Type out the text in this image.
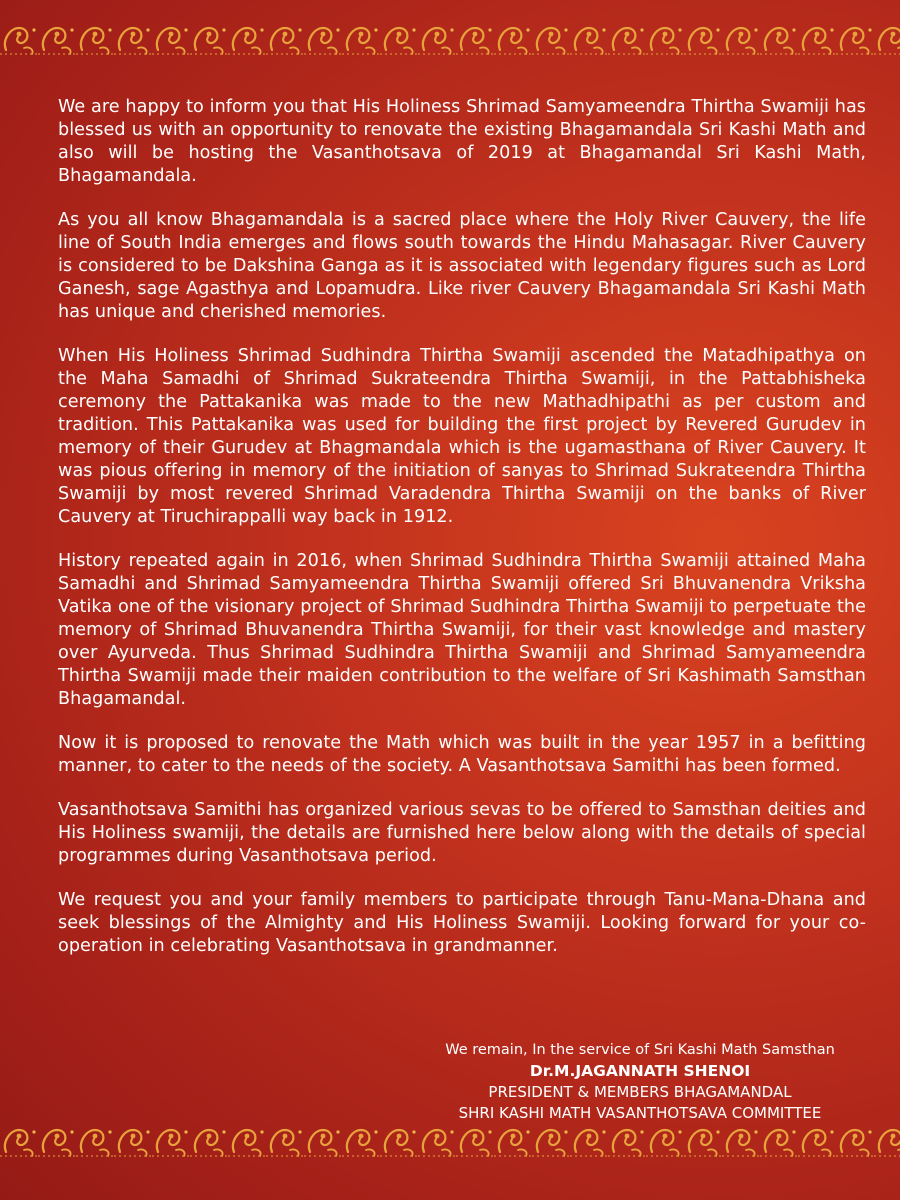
We are happy to inform you that His Holiness Shrimad Samyameendra Thirtha Swamiji has blessed us with an opportunity to renovate the existing Bhagamandala Sri Kashi Math and also will be hosting the Vasanthotsava of 2019 at Bhagamandal Sri Kashi Math, Bhagamandala.

As you all know Bhagamandala is a sacred place where the Holy River Cauvery, the life line of South India emerges and flows south towards the Hindu Mahasagar. River Cauvery is considered to be Dakshina Ganga as it is associated with legendary figures such as Lord Ganesh, sage Agasthya and Lopamudra. Like river Cauvery Bhagamandala Sri Kashi Math has unique and cherished memories.

When His Holiness Shrimad Sudhindra Thirtha Swamiji ascended the Matadhipathya on the Maha Samadhi of Shrimad Sukrateendra Thirtha Swamiji, in the Pattabhisheka ceremony the Pattakanika was made to the new Mathadhipathi as per custom and tradition. This Pattakanika was used for building the first project by Revered Gurudev in memory of their Gurudev at Bhagmandala which is the ugamasthana of River Cauvery. It was pious offering in memory of the initiation of sanyas to Shrimad Sukrateendra Thirtha Swamiji by most revered Shrimad Varadendra Thirtha Swamiji on the banks of River Cauvery at Tiruchirappalli way back in 1912.

History repeated again in 2016, when Shrimad Sudhindra Thirtha Swamiji attained Maha Samadhi and Shrimad Samyameendra Thirtha Swamiji offered Sri Bhuvanendra Vriksha Vatika one of the visionary project of Shrimad Sudhindra Thirtha Swamiji to perpetuate the memory of Shrimad Bhuvanendra Thirtha Swamiji, for their vast knowledge and mastery over Ayurveda. Thus Shrimad Sudhindra Thirtha Swamiji and Shrimad Samyameendra Thirtha Swamiji made their maiden contribution to the welfare of Sri Kashimath Samsthan Bhagamandal.

Now it is proposed to renovate the Math which was built in the year 1957 in a befitting manner, to cater to the needs of the society. A Vasanthotsava Samithi has been formed.

Vasanthotsava Samithi has organized various sevas to be offered to Samsthan deities and His Holiness swamiji, the details are furnished here below along with the details of special programmes during Vasanthotsava period.

We request you and your family members to participate through Tanu-Mana-Dhana and seek blessings of the Almighty and His Holiness Swamiji. Looking forward for your co-operation in celebrating Vasanthotsava in grandmanner.

We remain, In the service of Sri Kashi Math Samsthan
Dr.M.JAGANNATH SHENOI
PRESIDENT & MEMBERS BHAGAMANDAL
SHRI KASHI MATH VASANTHOTSAVA COMMITTEE
